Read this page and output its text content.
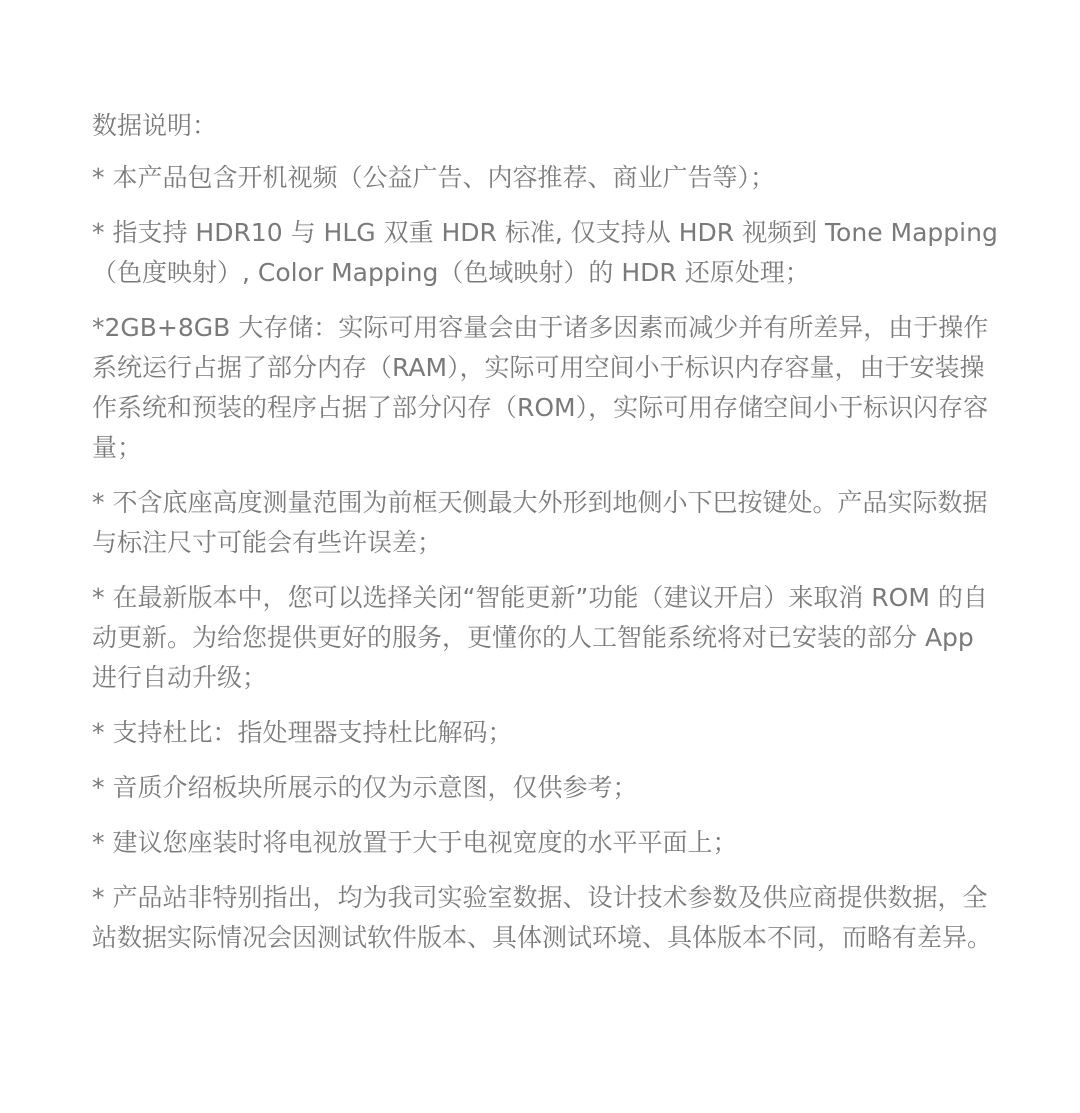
数据说明：
* 本产品包含开机视频（公益广告、内容推荐、商业广告等）；
* 指支持 HDR10 与 HLG 双重 HDR 标准, 仅支持从 HDR 视频到 Tone Mapping（色度映射）, Color Mapping（色域映射）的 HDR 还原处理；
*2GB+8GB 大存储：实际可用容量会由于诸多因素而减少并有所差异，由于操作系统运行占据了部分内存（RAM），实际可用空间小于标识内存容量，由于安装操作系统和预装的程序占据了部分闪存（ROM），实际可用存储空间小于标识闪存容量；
* 不含底座高度测量范围为前框天侧最大外形到地侧小下巴按键处。产品实际数据与标注尺寸可能会有些许误差；
* 在最新版本中，您可以选择关闭“智能更新”功能（建议开启）来取消 ROM 的自动更新。为给您提供更好的服务，更懂你的人工智能系统将对已安装的部分 App 进行自动升级；
* 支持杜比：指处理器支持杜比解码；
* 音质介绍板块所展示的仅为示意图，仅供参考；
* 建议您座装时将电视放置于大于电视宽度的水平平面上；
* 产品站非特别指出，均为我司实验室数据、设计技术参数及供应商提供数据，全站数据实际情况会因测试软件版本、具体测试环境、具体版本不同，而略有差异。
